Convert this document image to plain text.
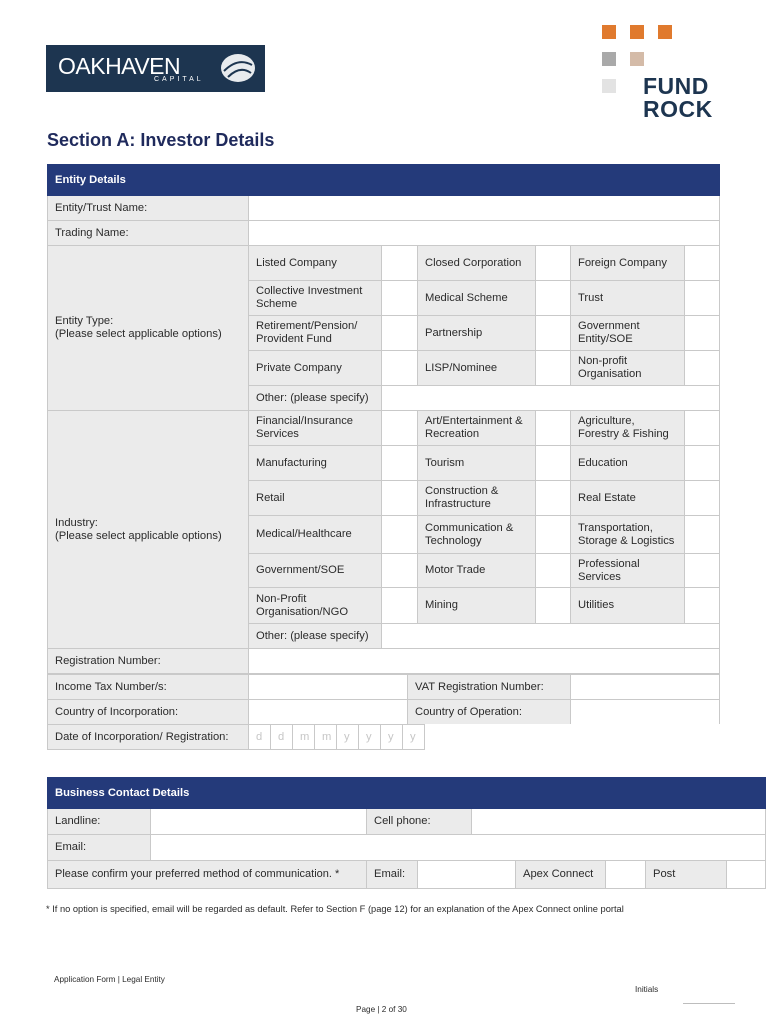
OAKHAVEN
CAPITAL	FUND
ROCK
Section A: Investor Details
Entity Details						
Entity/Trust Name:						
Trading Name:						

Entity Type:
(Please select applicable options)	Listed Company		Closed Corporation		Foreign Company	
	Collective Investment Scheme		Medical Scheme		Trust	
	Retirement/Pension/ Provident Fund		Partnership		Government Entity/SOE	
	Private Company		LISP/Nominee		Non-profit Organisation	
	Other: (please specify)					

Industry:
(Please select applicable options)	Financial/Insurance Services		Art/Entertainment & Recreation		Agriculture, Forestry & Fishing	
	Manufacturing		Tourism		Education	
	Retail		Construction & Infrastructure		Real Estate	
	Medical/Healthcare		Communication & Technology		Transportation, Storage & Logistics	
	Government/SOE		Motor Trade		Professional Services	
	Non-Profit Organisation/NGO		Mining		Utilities	
	Other: (please specify)					
Registration Number:						
Income Tax Number/s:		VAT Registration Number:	
Country of Incorporation:		Country of Operation:	
Date of Incorporation/ Registration:	d	d	m	m	y	y	y	y	
Business Contact Details								
Landline:		Cell phone:						
Email:								
Please confirm your preferred method of communication. *		Email:			Apex Connect		Post	
* If no option is specified, email will be regarded as default. Refer to Section F (page 12) for an explanation of the Apex Connect online portal
Application Form | Legal Entity
Initials
Page | 2 of 30
